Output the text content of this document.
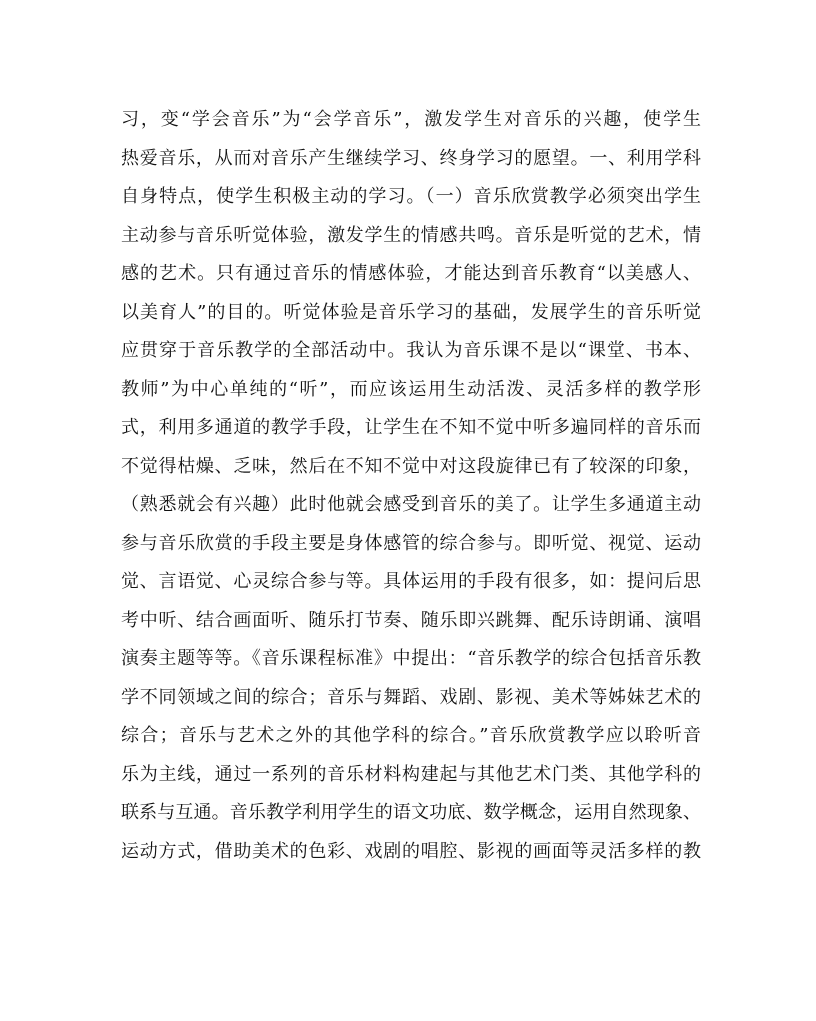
习，变“学会音乐”为“会学音乐”，激发学生对音乐的兴趣，使学生
热爱音乐，从而对音乐产生继续学习、终身学习的愿望。一、利用学科
自身特点，使学生积极主动的学习。（一）音乐欣赏教学必须突出学生
主动参与音乐听觉体验，激发学生的情感共鸣。音乐是听觉的艺术，情
感的艺术。只有通过音乐的情感体验，才能达到音乐教育“以美感人、
以美育人”的目的。听觉体验是音乐学习的基础，发展学生的音乐听觉
应贯穿于音乐教学的全部活动中。我认为音乐课不是以“课堂、书本、
教师”为中心单纯的“听”，而应该运用生动活泼、灵活多样的教学形
式，利用多通道的教学手段，让学生在不知不觉中听多遍同样的音乐而
不觉得枯燥、乏味，然后在不知不觉中对这段旋律已有了较深的印象，
（熟悉就会有兴趣）此时他就会感受到音乐的美了。让学生多通道主动
参与音乐欣赏的手段主要是身体感管的综合参与。即听觉、视觉、运动
觉、言语觉、心灵综合参与等。具体运用的手段有很多，如：提问后思
考中听、结合画面听、随乐打节奏、随乐即兴跳舞、配乐诗朗诵、演唱
演奏主题等等。《音乐课程标准》中提出：“音乐教学的综合包括音乐教
学不同领域之间的综合；音乐与舞蹈、戏剧、影视、美术等姊妹艺术的
综合；音乐与艺术之外的其他学科的综合。”音乐欣赏教学应以聆听音
乐为主线，通过一系列的音乐材料构建起与其他艺术门类、其他学科的
联系与互通。音乐教学利用学生的语文功底、数学概念，运用自然现象、
运动方式，借助美术的色彩、戏剧的唱腔、影视的画面等灵活多样的教
